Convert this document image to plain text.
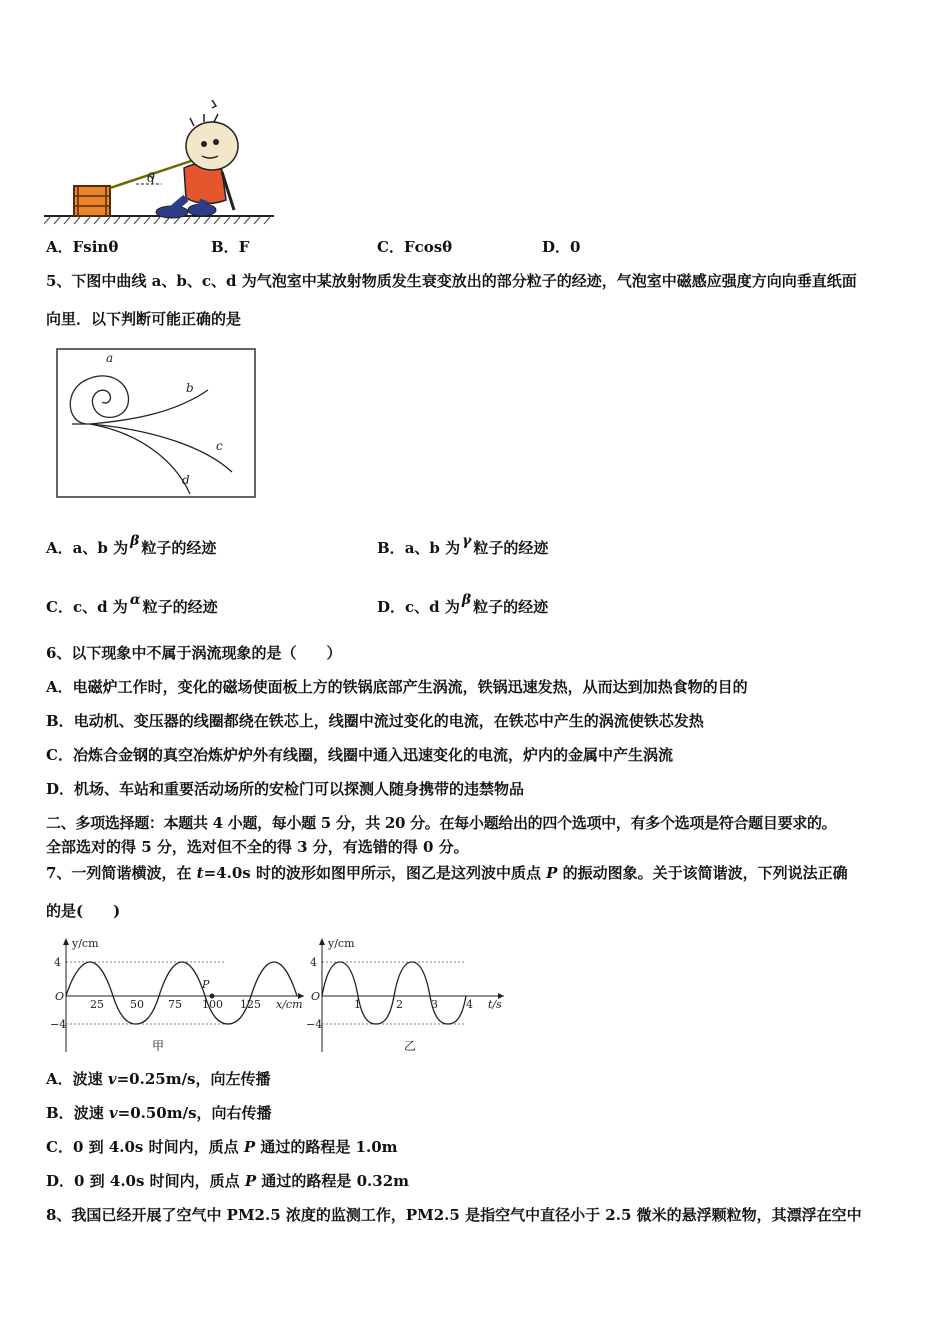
θ
A．Fsinθ	B．F	C．Fcosθ	D．0
5、下图中曲线 a、b、c、d 为气泡室中某放射物质发生衰变放出的部分粒子的经迹，气泡室中磁感应强度方向向垂直纸面
向里．以下判断可能正确的是
a
b
c
d
A．a、b 为 β 粒子的经迹	B．a、b 为 γ 粒子的经迹
C．c、d 为 α 粒子的经迹	D．c、d 为 β 粒子的经迹
6、以下现象中不属于涡流现象的是（　　）
A．电磁炉工作时，变化的磁场使面板上方的铁锅底部产生涡流，铁锅迅速发热，从而达到加热食物的目的
B．电动机、变压器的线圈都绕在铁芯上，线圈中流过变化的电流，在铁芯中产生的涡流使铁芯发热
C．冶炼合金钢的真空冶炼炉炉外有线圈，线圈中通入迅速变化的电流，炉内的金属中产生涡流
D．机场、车站和重要活动场所的安检门可以探测人随身携带的违禁物品
二、多项选择题：本题共 4 小题，每小题 5 分，共 20 分。在每小题给出的四个选项中，有多个选项是符合题目要求的。
全部选对的得 5 分，选对但不全的得 3 分，有选错的得 0 分。
7、一列简谐横波，在 t=4.0s 时的波形如图甲所示，图乙是这列波中质点 P 的振动图象。关于该简谐波，下列说法正确
的是(　　)
y/cm
4
−4
O
25 50 75 100 125
P
x/cm
甲
y/cm
4
−4
O
1	2	3	4 t/s
乙
A．波速 v=0.25m/s，向左传播
B．波速 v=0.50m/s，向右传播
C．0 到 4.0s 时间内，质点 P 通过的路程是 1.0m
D．0 到 4.0s 时间内，质点 P 通过的路程是 0.32m
8、我国已经开展了空气中 PM2.5 浓度的监测工作，PM2.5 是指空气中直径小于 2.5 微米的悬浮颗粒物，其漂浮在空中
